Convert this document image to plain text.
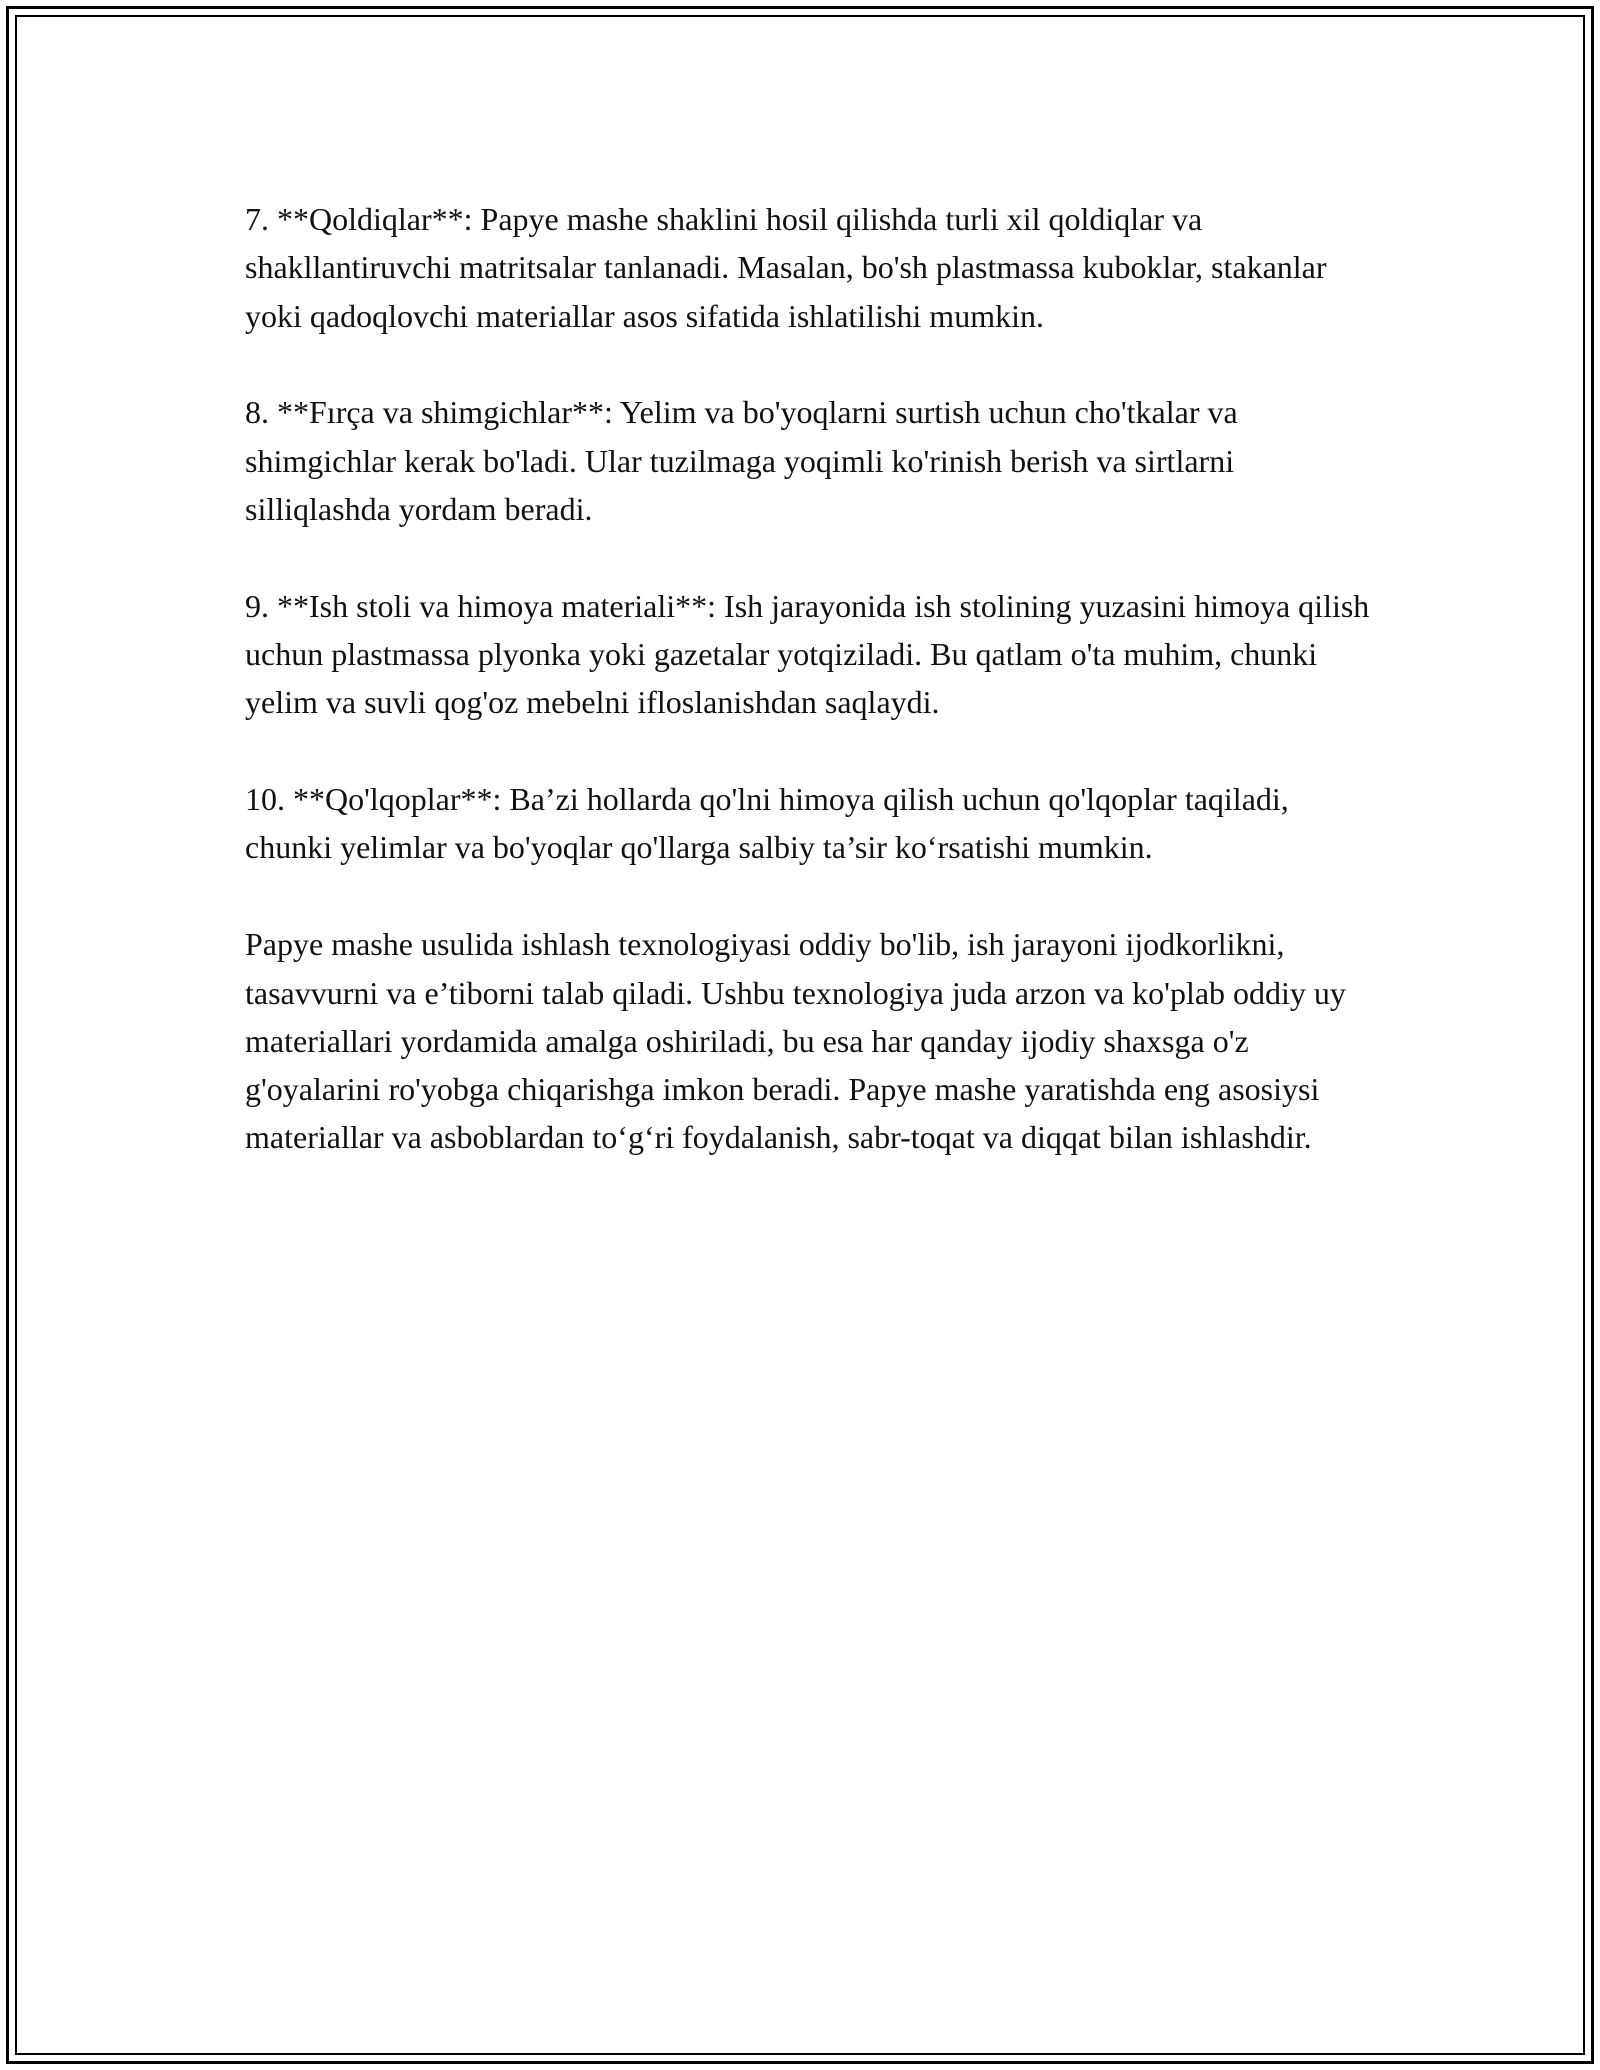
7. **Qoldiqlar**: Papye mashe shaklini hosil qilishda turli xil qoldiqlar va shakllantiruvchi matritsalar tanlanadi. Masalan, bo'sh plastmassa kuboklar, stakanlar yoki qadoqlovchi materiallar asos sifatida ishlatilishi mumkin.

8. **Fırça va shimgichlar**: Yelim va bo'yoqlarni surtish uchun cho'tkalar va shimgichlar kerak bo'ladi. Ular tuzilmaga yoqimli ko'rinish berish va sirtlarni silliqlashda yordam beradi.

9. **Ish stoli va himoya materiali**: Ish jarayonida ish stolining yuzasini himoya qilish uchun plastmassa plyonka yoki gazetalar yotqiziladi. Bu qatlam o'ta muhim, chunki yelim va suvli qog'oz mebelni ifloslanishdan saqlaydi.

10. **Qo'lqoplar**: Ba’zi hollarda qo'lni himoya qilish uchun qo'lqoplar taqiladi, chunki yelimlar va bo'yoqlar qo'llarga salbiy ta’sir ko‘rsatishi mumkin.

Papye mashe usulida ishlash texnologiyasi oddiy bo'lib, ish jarayoni ijodkorlikni, tasavvurni va e’tiborni talab qiladi. Ushbu texnologiya juda arzon va ko'plab oddiy uy materiallari yordamida amalga oshiriladi, bu esa har qanday ijodiy shaxsga o'z g'oyalarini ro'yobga chiqarishga imkon beradi. Papye mashe yaratishda eng asosiysi materiallar va asboblardan to‘g‘ri foydalanish, sabr-toqat va diqqat bilan ishlashdir.
